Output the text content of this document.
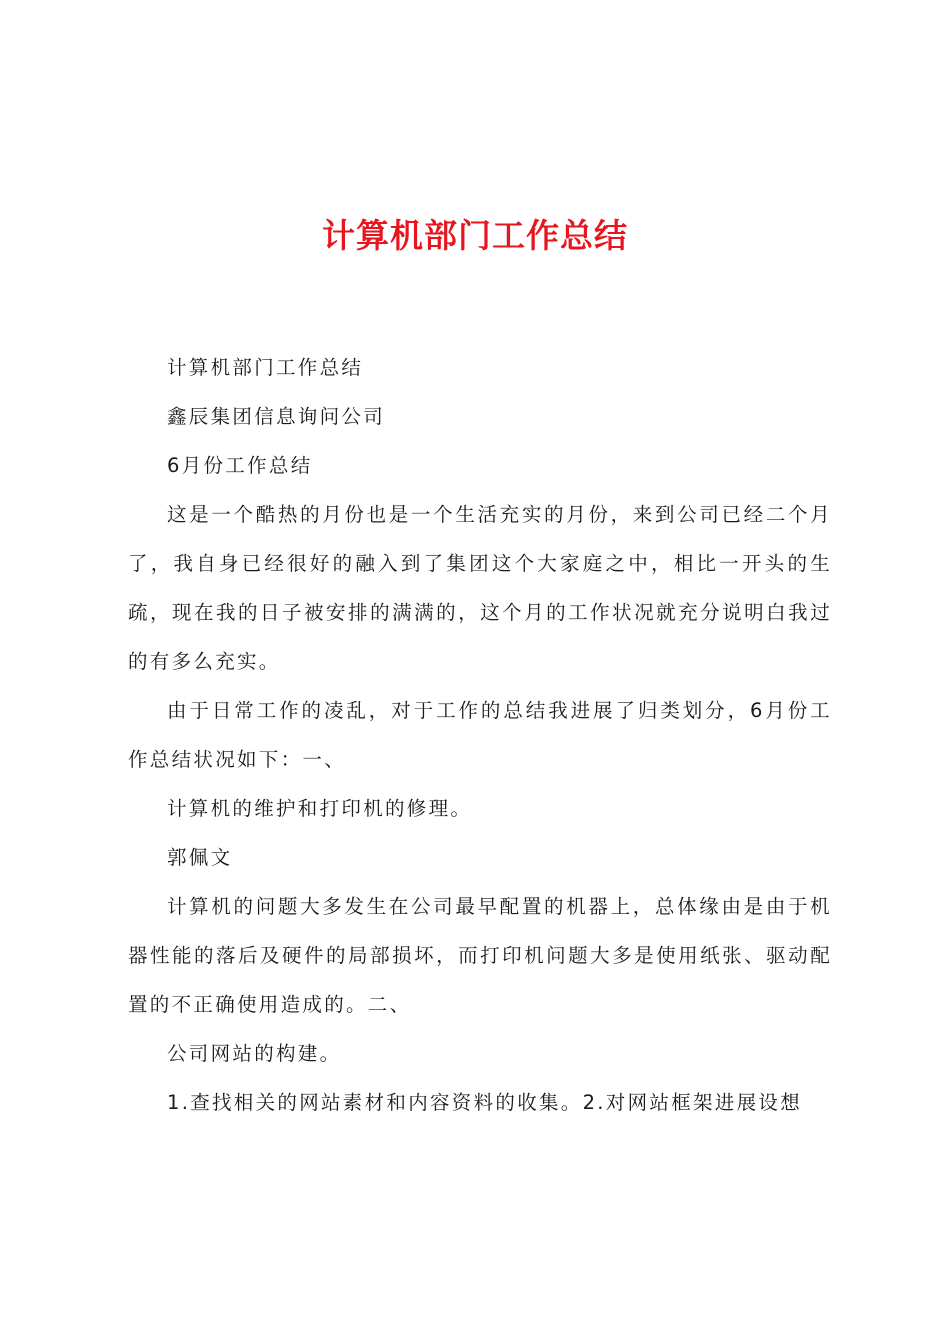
计算机部门工作总结

计算机部门工作总结

鑫辰集团信息询问公司

6月份工作总结

这是一个酷热的月份也是一个生活充实的月份，来到公司已经二个月了，我自身已经很好的融入到了集团这个大家庭之中，相比一开头的生疏，现在我的日子被安排的满满的，这个月的工作状况就充分说明白我过的有多么充实。

由于日常工作的凌乱，对于工作的总结我进展了归类划分，6月份工作总结状况如下：一、

计算机的维护和打印机的修理。

郭佩文

计算机的问题大多发生在公司最早配置的机器上，总体缘由是由于机器性能的落后及硬件的局部损坏，而打印机问题大多是使用纸张、驱动配置的不正确使用造成的。二、

公司网站的构建。

1.查找相关的网站素材和内容资料的收集。2.对网站框架进展设想
